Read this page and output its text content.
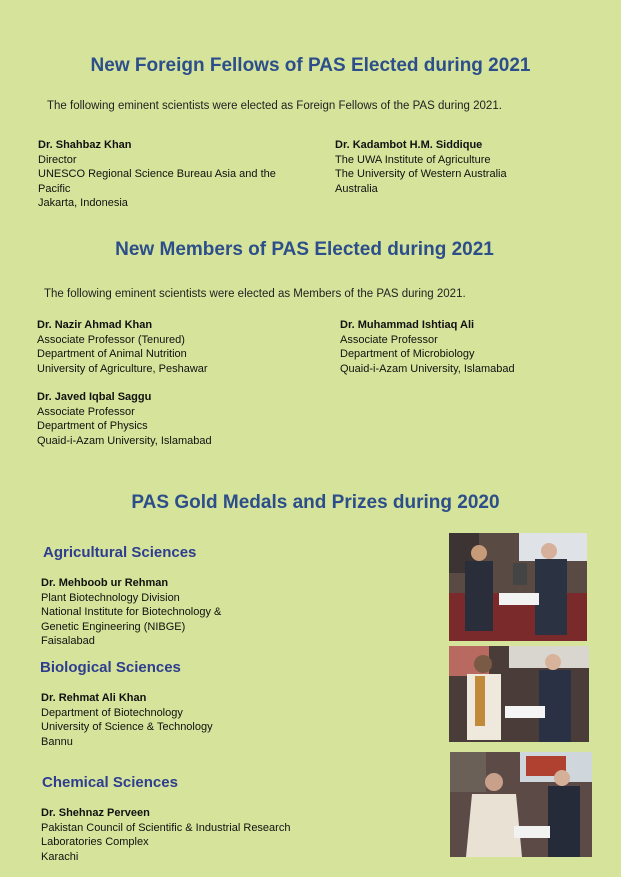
New Foreign Fellows of PAS Elected during 2021
The following eminent scientists were elected as Foreign Fellows of the PAS during 2021.
Dr. Shahbaz Khan
Director
UNESCO Regional Science Bureau Asia and the
Pacific
Jakarta, Indonesia
Dr. Kadambot H.M. Siddique
The UWA Institute of Agriculture
The University of Western Australia
Australia
New Members of PAS Elected during 2021
The following eminent scientists were elected as Members of the PAS during 2021.
Dr. Nazir Ahmad Khan
Associate Professor (Tenured)
Department of Animal Nutrition
University of Agriculture, Peshawar
Dr. Muhammad Ishtiaq Ali
Associate Professor
Department of Microbiology
Quaid-i-Azam University, Islamabad
Dr. Javed Iqbal Saggu
Associate Professor
Department of Physics
Quaid-i-Azam University, Islamabad
PAS Gold Medals and Prizes during 2020
Agricultural Sciences
Dr. Mehboob ur Rehman
Plant Biotechnology Division
National Institute for Biotechnology &
Genetic Engineering (NIBGE)
Faisalabad
Biological Sciences
Dr. Rehmat Ali Khan
Department of Biotechnology
University of Science & Technology
Bannu
Chemical Sciences
Dr. Shehnaz Perveen
Pakistan Council of Scientific & Industrial Research
Laboratories Complex
Karachi
